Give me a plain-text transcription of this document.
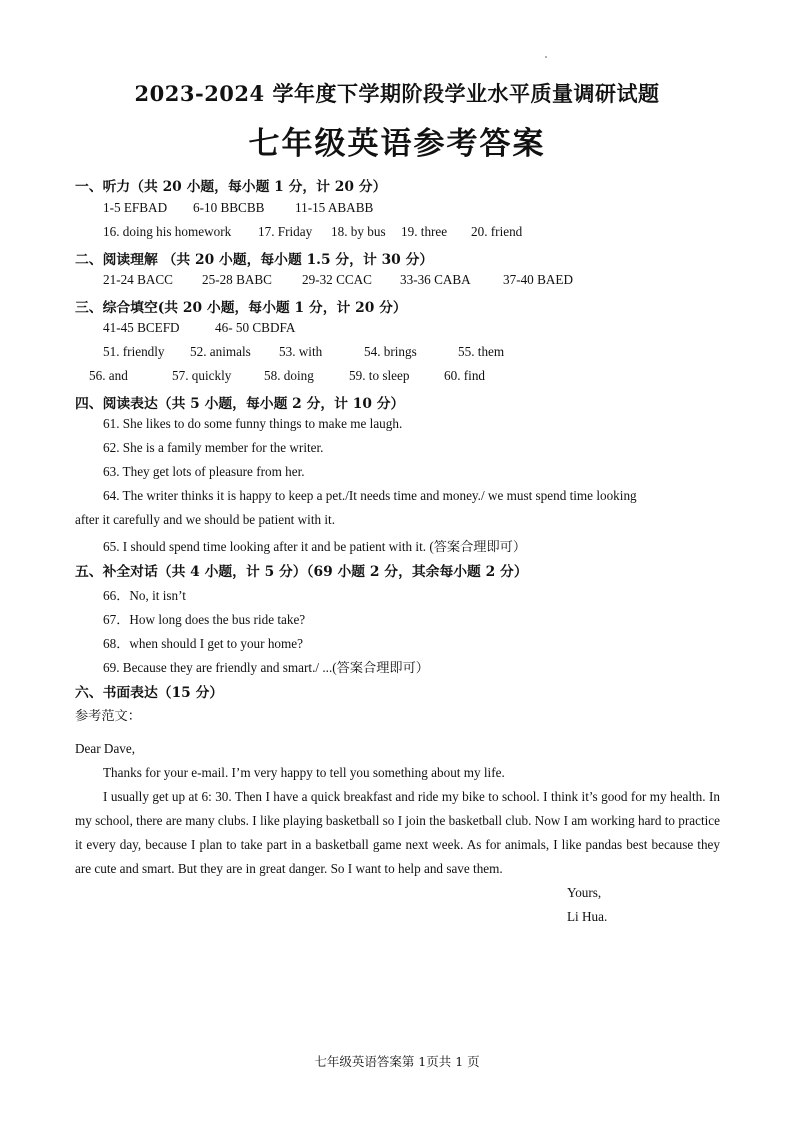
2023-2024 学年度下学期阶段学业水平质量调研试题
七年级英语参考答案
一、听力（共 20 小题，每小题 1 分，计 20 分）
1-5 EFBAD 6-10 BBCBB 11-15 ABABB
16. doing his homework 17. Friday 18. by bus 19. three 20. friend
二、阅读理解 （共 20 小题，每小题 1.5 分，计 30 分）
21-24 BACC 25-28 BABC 29-32 CCAC 33-36 CABA 37-40 BAED
三、综合填空(共 20 小题，每小题 1 分，计 20 分）
41-45 BCEFD	46- 50 CBDFA
51. friendly 52. animals 53. with	54. brings	55. them
56. and	57. quickly 58. doing	59. to sleep	60. find
四、阅读表达（共 5 小题，每小题 2 分，计 10 分）
61. She likes to do some funny things to make me laugh.
62. She is a family member for the writer.
63. They get lots of pleasure from her.
64. The writer thinks it is happy to keep a pet./It needs time and money./ we must spend time looking
after it carefully and we should be patient with it.
65. I should spend time looking after it and be patient with it. (答案合理即可）
五、补全对话（共 4 小题，计 5 分）（69 小题 2 分，其余每小题 2 分）
66．No, it isn’t
67．How long does the bus ride take?
68．when should I get to your home?
69. Because they are friendly and smart./ ...(答案合理即可）
六、书面表达（15 分）
参考范文：
Dear Dave,
Thanks for your e-mail. I’m very happy to tell you something about my life.
I usually get up at 6: 30. Then I have a quick breakfast and ride my bike to school. I think it’s good for my health. In my school, there are many clubs. I like playing basketball so I join the basketball club. Now I am working hard to practice it every day, because I plan to take part in a basketball game next week. As for animals, I like pandas best because they are cute and smart. But they are in great danger. So I want to help and save them.
Yours,
Li Hua.
七年级英语答案第 1页共 1 页
